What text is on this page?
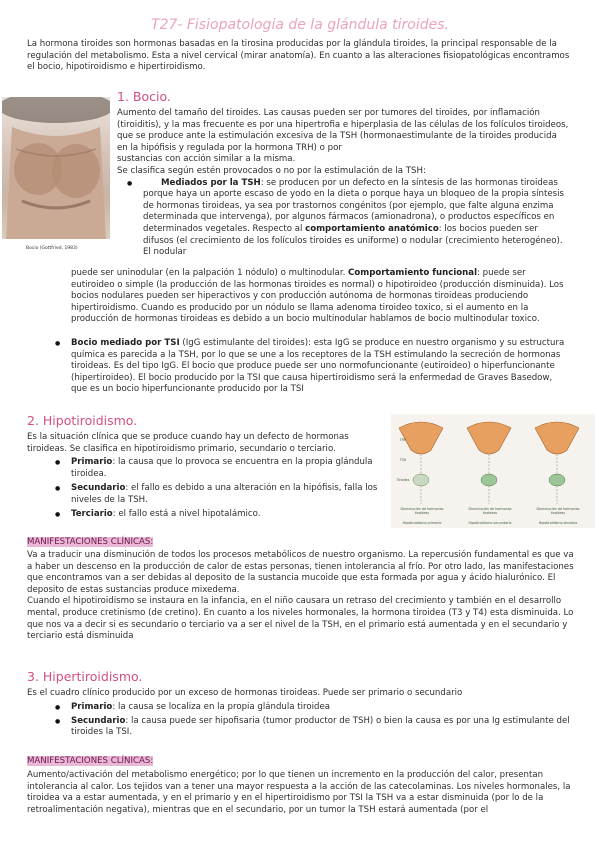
T27- Fisiopatologia de la glándula tiroides.

La hormona tiroides son hormonas basadas en la tirosina producidas por la glándula tiroides, la principal responsable de la regulación del metabolismo. Esta a nivel cervical (mirar anatomía). En cuanto a las alteraciones fisiopatológicas encontramos el bocio, hipotiroidismo e hipertiroidismo.

Bocio (Gottfried, 1983)
1. Bocio.
Aumento del tamaño del tiroides. Las causas pueden ser por tumores del tiroides, por inflamación (tiroiditis), y la mas frecuente es por una hipertrofia e hiperplasia de las células de los folículos tiroideos, que se produce ante la estimulación excesiva de la TSH (hormonaestimulante de la tiroides producida en la hipófisis y regulada por la hormona TRH) o por
sustancias con acción similar a la misma.
Se clasifica según estén provocados o no por la estimulación de la TSH:
● Mediados por la TSH: se producen por un defecto en la síntesis de las hormonas tiroideas porque haya un aporte escaso de yodo en la dieta o porque haya un bloqueo de la propia síntesis de hormonas tiroideas, ya sea por trastornos congénitos (por ejemplo, que falte alguna enzima determinada que intervenga), por algunos fármacos (amionadrona), o productos específicos en determinados vegetales. Respecto al comportamiento anatómico: los bocios pueden ser difusos (el crecimiento de los folículos tiroides es uniforme) o nodular (crecimiento heterogéneo). El nodular
puede ser uninodular (en la palpación 1 nódulo) o multinodular. Comportamiento funcional: puede ser eutiroideo o simple (la producción de las hormonas tiroides es normal) o hipotiroideo (producción disminuida). Los bocios nodulares pueden ser hiperactivos y con producción autónoma de hormonas tiroideas produciendo hipertiroidismo. Cuando es producido por un nódulo se llama adenoma tiroideo toxico, si el aumento en la producción de hormonas tiroideas es debido a un bocio multinodular hablamos de bocio multinodular toxico.
● Bocio mediado por TSI (IgG estimulante del tiroides): esta IgG se produce en nuestro organismo y su estructura química es parecida a la TSH, por lo que se une a los receptores de la TSH estimulando la secreción de hormonas tiroideas. Es del tipo IgG. El bocio que produce puede ser uno normofuncionante (eutiroideo) o hiperfuncionante (hipertiroideo). El bocio producido por la TSI que causa hipertiroidismo será la enfermedad de Graves Basedow, que es un bocio hiperfuncionante producido por la TSI
2. Hipotiroidismo.

Es la situación clínica que se produce cuando hay un defecto de hormonas tiroideas. Se clasifica en hipotiroidismo primario, secundario o terciario.

● Primario: la causa que lo provoca se encuentra en la propia glándula tiroidea.
● Secundario: el fallo es debido a una alteración en la hipófisis, falla los niveles de la TSH.
● Terciario: el fallo está a nivel hipotalámico.
Disminución de hormonas tiroideas
Disminución de hormonas tiroideas
Disminución de hormonas tiroideas
Hipotiroidismo primario	Hipotiroidismo secundario	Hipotiroidismo terciario
TRH
TSH
Tiroides

MANIFESTACIONES CLÍNICAS:

Va a traducir una disminución de todos los procesos metabólicos de nuestro organismo. La repercusión fundamental es que va a haber un descenso en la producción de calor de estas personas, tienen intolerancia al frío. Por otro lado, las manifestaciones que encontramos van a ser debidas al deposito de la sustancia mucoide que esta formada por agua y ácido hialurónico. El deposito de estas sustancias produce mixedema.
Cuando el hipotiroidismo se instaura en la infancia, en el niño causara un retraso del crecimiento y también en el desarrollo mental, produce cretinismo (de cretino). En cuanto a los niveles hormonales, la hormona tiroidea (T3 y T4) esta disminuida. Lo que nos va a decir si es secundario o terciario va a ser el nivel de la TSH, en el primario está aumentada y en el secundario y terciario está disminuida
3. Hipertiroidismo.

Es el cuadro clínico producido por un exceso de hormonas tiroideas. Puede ser primario o secundario

● Primario: la causa se localiza en la propia glándula tiroidea
● Secundario: la causa puede ser hipofisaria (tumor productor de TSH) o bien la causa es por una Ig estimulante del tiroides la TSI.

MANIFESTACIONES CLÍNICAS:

Aumento/activación del metabolismo energético; por lo que tienen un incremento en la producción del calor, presentan intolerancia al calor. Los tejidos van a tener una mayor respuesta a la acción de las catecolaminas. Los niveles hormonales, la tiroidea va a estar aumentada, y en el primario y en el hipertiroidismo por TSI la TSH va a estar disminuida (por lo de la retroalimentación negativa), mientras que en el secundario, por un tumor la TSH estará aumentada (por el
